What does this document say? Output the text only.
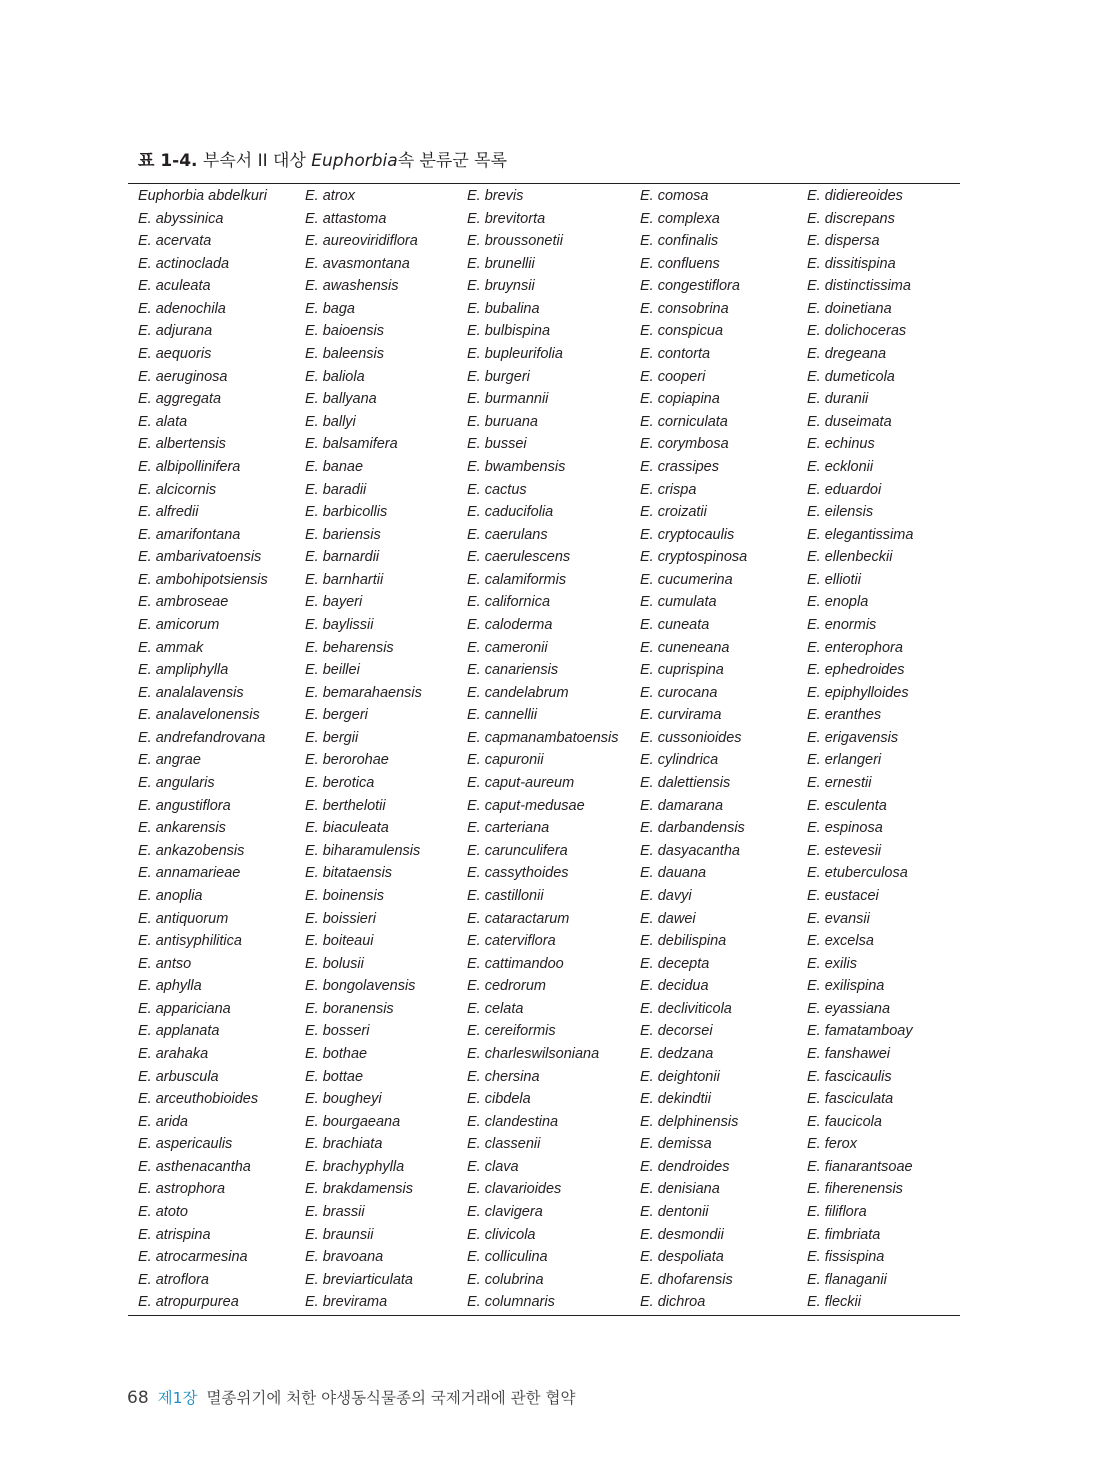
표 1-4. 부속서 II 대상 Euphorbia속 분류군 목록
Euphorbia abdelkuri
E. abyssinica
E. acervata
E. actinoclada
E. aculeata
E. adenochila
E. adjurana
E. aequoris
E. aeruginosa
E. aggregata
E. alata
E. albertensis
E. albipollinifera
E. alcicornis
E. alfredii
E. amarifontana
E. ambarivatoensis
E. ambohipotsiensis
E. ambroseae
E. amicorum
E. ammak
E. ampliphylla
E. analalavensis
E. analavelonensis
E. andrefandrovana
E. angrae
E. angularis
E. angustiflora
E. ankarensis
E. ankazobensis
E. annamarieae
E. anoplia
E. antiquorum
E. antisyphilitica
E. antso
E. aphylla
E. appariciana
E. applanata
E. arahaka
E. arbuscula
E. arceuthobioides
E. arida
E. aspericaulis
E. asthenacantha
E. astrophora
E. atoto
E. atrispina
E. atrocarmesina
E. atroflora
E. atropurpurea
E. atrox
E. attastoma
E. aureoviridiflora
E. avasmontana
E. awashensis
E. baga
E. baioensis
E. baleensis
E. baliola
E. ballyana
E. ballyi
E. balsamifera
E. banae
E. baradii
E. barbicollis
E. bariensis
E. barnardii
E. barnhartii
E. bayeri
E. baylissii
E. beharensis
E. beillei
E. bemarahaensis
E. bergeri
E. bergii
E. berorohae
E. berotica
E. berthelotii
E. biaculeata
E. biharamulensis
E. bitataensis
E. boinensis
E. boissieri
E. boiteaui
E. bolusii
E. bongolavensis
E. boranensis
E. bosseri
E. bothae
E. bottae
E. bougheyi
E. bourgaeana
E. brachiata
E. brachyphylla
E. brakdamensis
E. brassii
E. braunsii
E. bravoana
E. breviarticulata
E. brevirama
E. brevis
E. brevitorta
E. broussonetii
E. brunellii
E. bruynsii
E. bubalina
E. bulbispina
E. bupleurifolia
E. burgeri
E. burmannii
E. buruana
E. bussei
E. bwambensis
E. cactus
E. caducifolia
E. caerulans
E. caerulescens
E. calamiformis
E. californica
E. caloderma
E. cameronii
E. canariensis
E. candelabrum
E. cannellii
E. capmanambatoensis
E. capuronii
E. caput-aureum
E. caput-medusae
E. carteriana
E. carunculifera
E. cassythoides
E. castillonii
E. cataractarum
E. caterviflora
E. cattimandoo
E. cedrorum
E. celata
E. cereiformis
E. charleswilsoniana
E. chersina
E. cibdela
E. clandestina
E. classenii
E. clava
E. clavarioides
E. clavigera
E. clivicola
E. colliculina
E. colubrina
E. columnaris
E. comosa
E. complexa
E. confinalis
E. confluens
E. congestiflora
E. consobrina
E. conspicua
E. contorta
E. cooperi
E. copiapina
E. corniculata
E. corymbosa
E. crassipes
E. crispa
E. croizatii
E. cryptocaulis
E. cryptospinosa
E. cucumerina
E. cumulata
E. cuneata
E. cuneneana
E. cuprispina
E. curocana
E. curvirama
E. cussonioides
E. cylindrica
E. dalettiensis
E. damarana
E. darbandensis
E. dasyacantha
E. dauana
E. davyi
E. dawei
E. debilispina
E. decepta
E. decidua
E. decliviticola
E. decorsei
E. dedzana
E. deightonii
E. dekindtii
E. delphinensis
E. demissa
E. dendroides
E. denisiana
E. dentonii
E. desmondii
E. despoliata
E. dhofarensis
E. dichroa
E. didiereoides
E. discrepans
E. dispersa
E. dissitispina
E. distinctissima
E. doinetiana
E. dolichoceras
E. dregeana
E. dumeticola
E. duranii
E. duseimata
E. echinus
E. ecklonii
E. eduardoi
E. eilensis
E. elegantissima
E. ellenbeckii
E. elliotii
E. enopla
E. enormis
E. enterophora
E. ephedroides
E. epiphylloides
E. eranthes
E. erigavensis
E. erlangeri
E. ernestii
E. esculenta
E. espinosa
E. estevesii
E. etuberculosa
E. eustacei
E. evansii
E. excelsa
E. exilis
E. exilispina
E. eyassiana
E. famatamboay
E. fanshawei
E. fascicaulis
E. fasciculata
E. faucicola
E. ferox
E. fianarantsoae
E. fiherenensis
E. filiflora
E. fimbriata
E. fissispina
E. flanaganii
E. fleckii
68 제1장 멸종위기에 처한 야생동식물종의 국제거래에 관한 협약
